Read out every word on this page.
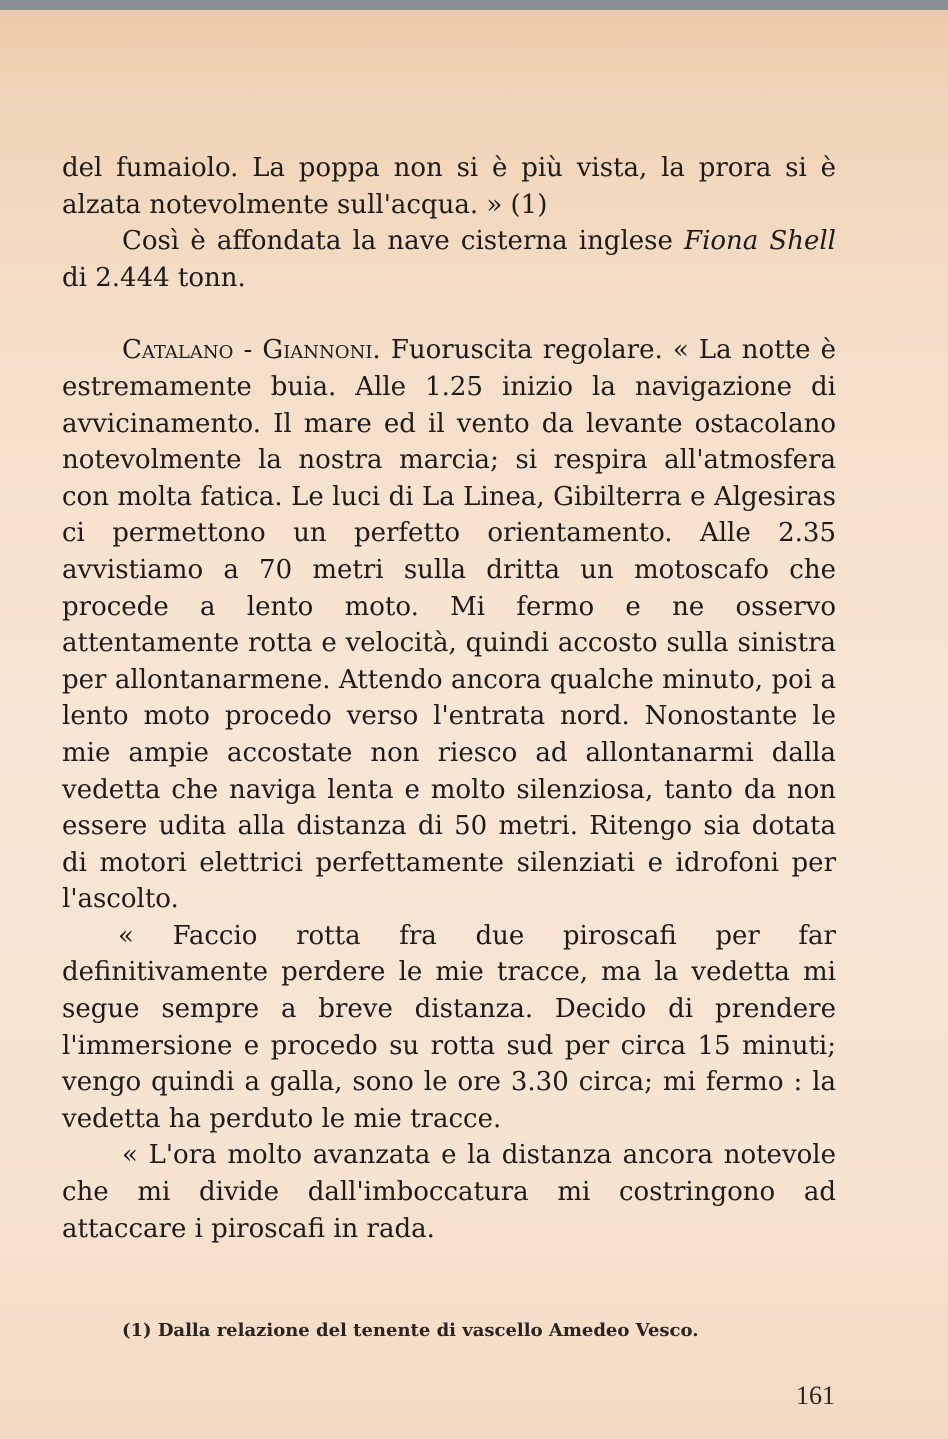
del fumaiolo. La poppa non si è più vista, la prora si è alzata notevolmente sull'acqua. » (1)

Così è affondata la nave cisterna inglese Fiona Shell di 2.444 tonn.

Catalano - Giannoni. Fuoruscita regolare. « La notte è estremamente buia. Alle 1.25 inizio la navigazione di avvicinamento. Il mare ed il vento da levante ostacolano notevolmente la nostra marcia; si respira all'atmosfera con molta fatica. Le luci di La Linea, Gibilterra e Algesiras ci permettono un perfetto orientamento. Alle 2.35 avvistiamo a 70 metri sulla dritta un motoscafo che procede a lento moto. Mi fermo e ne osservo attentamente rotta e velocità, quindi accosto sulla sinistra per allontanarmene. Attendo ancora qualche minuto, poi a lento moto procedo verso l'entrata nord. Nonostante le mie ampie accostate non riesco ad allontanarmi dalla vedetta che naviga lenta e molto silenziosa, tanto da non essere udita alla distanza di 50 metri. Ritengo sia dotata di motori elettrici perfettamente silenziati e idrofoni per l'ascolto.

« Faccio rotta fra due piroscafi per far definitivamente perdere le mie tracce, ma la vedetta mi segue sempre a breve distanza. Decido di prendere l'immersione e procedo su rotta sud per circa 15 minuti; vengo quindi a galla, sono le ore 3.30 circa; mi fermo : la vedetta ha perduto le mie tracce.

« L'ora molto avanzata e la distanza ancora notevole che mi divide dall'imboccatura mi costringono ad attaccare i piroscafi in rada.

(1) Dalla relazione del tenente di vascello Amedeo Vesco.
161
